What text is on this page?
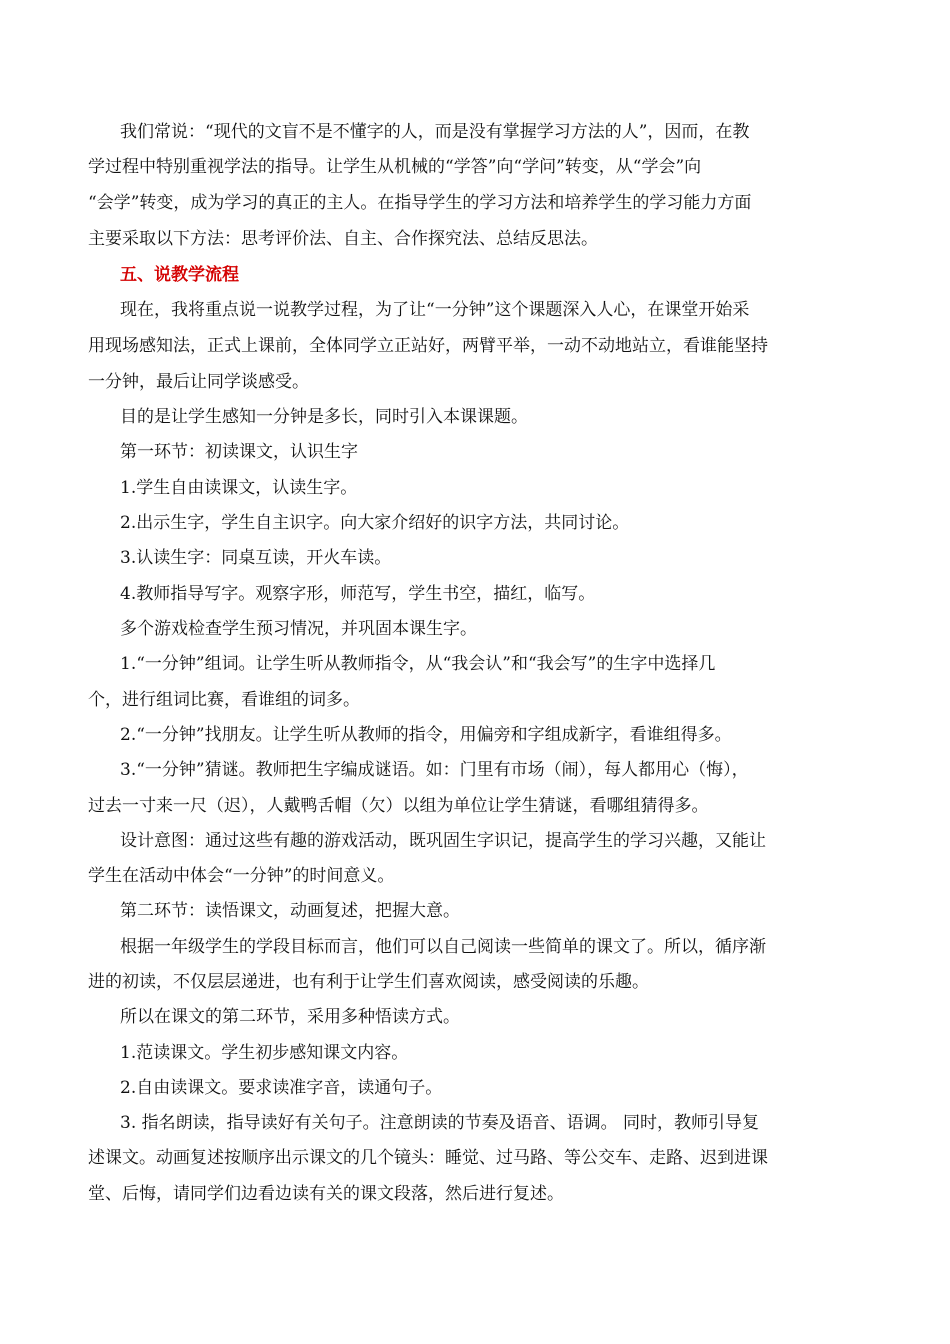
我们常说：“现代的文盲不是不懂字的人，而是没有掌握学习方法的人”，因而，在教
学过程中特别重视学法的指导。让学生从机械的“学答”向“学问”转变，从“学会”向
“会学”转变，成为学习的真正的主人。在指导学生的学习方法和培养学生的学习能力方面
主要采取以下方法：思考评价法、自主、合作探究法、总结反思法。
五、说教学流程
现在，我将重点说一说教学过程，为了让“一分钟”这个课题深入人心，在课堂开始采
用现场感知法，正式上课前，全体同学立正站好，两臂平举，一动不动地站立，看谁能坚持
一分钟，最后让同学谈感受。
目的是让学生感知一分钟是多长，同时引入本课课题。
第一环节：初读课文，认识生字
1.学生自由读课文，认读生字。
2.出示生字，学生自主识字。向大家介绍好的识字方法，共同讨论。
3.认读生字：同桌互读，开火车读。
4.教师指导写字。观察字形，师范写，学生书空，描红，临写。
多个游戏检查学生预习情况，并巩固本课生字。
1.“一分钟”组词。让学生听从教师指令，从“我会认”和“我会写”的生字中选择几
个，进行组词比赛，看谁组的词多。
2.“一分钟”找朋友。让学生听从教师的指令，用偏旁和字组成新字，看谁组得多。
3.“一分钟”猜谜。教师把生字编成谜语。如：门里有市场（闹），每人都用心（悔），
过去一寸来一尺（迟），人戴鸭舌帽（欠）以组为单位让学生猜谜，看哪组猜得多。
设计意图：通过这些有趣的游戏活动，既巩固生字识记，提高学生的学习兴趣，又能让
学生在活动中体会“一分钟”的时间意义。
第二环节：读悟课文，动画复述，把握大意。
根据一年级学生的学段目标而言，他们可以自己阅读一些简单的课文了。所以，循序渐
进的初读，不仅层层递进，也有利于让学生们喜欢阅读，感受阅读的乐趣。
所以在课文的第二环节，采用多种悟读方式。
1.范读课文。学生初步感知课文内容。
2.自由读课文。要求读准字音，读通句子。
3. 指名朗读，指导读好有关句子。注意朗读的节奏及语音、语调。 同时，教师引导复
述课文。动画复述按顺序出示课文的几个镜头：睡觉、过马路、等公交车、走路、迟到进课
堂、后悔，请同学们边看边读有关的课文段落，然后进行复述。
